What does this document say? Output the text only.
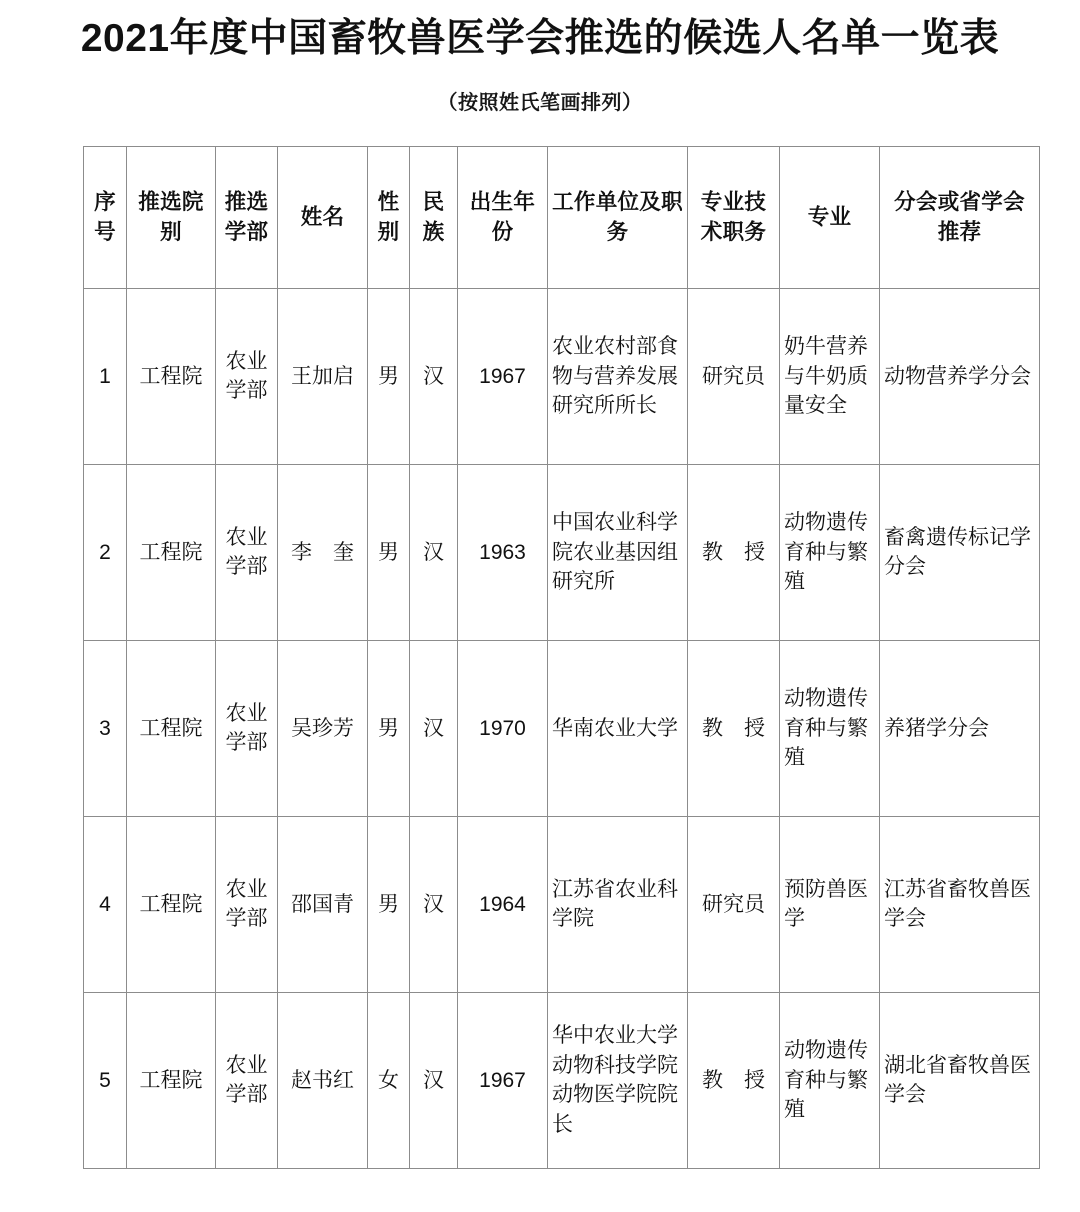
2021年度中国畜牧兽医学会推选的候选人名单一览表
（按照姓氏笔画排列）
序号	推选院别	推选学部	姓名	性别	民族	出生年份	工作单位及职务	专业技术职务	专业	分会或省学会推荐
1	工程院	农业学部	王加启	男	汉	1967	农业农村部食物与营养发展研究所所长	研究员	奶牛营养与牛奶质量安全	动物营养学分会
2	工程院	农业学部	李　奎	男	汉	1963	中国农业科学院农业基因组研究所	教　授	动物遗传育种与繁殖	畜禽遗传标记学分会
3	工程院	农业学部	吴珍芳	男	汉	1970	华南农业大学	教　授	动物遗传育种与繁殖	养猪学分会
4	工程院	农业学部	邵国青	男	汉	1964	江苏省农业科学院	研究员	预防兽医学	江苏省畜牧兽医学会
5	工程院	农业学部	赵书红	女	汉	1967	华中农业大学动物科技学院动物医学院院长	教　授	动物遗传育种与繁殖	湖北省畜牧兽医学会
